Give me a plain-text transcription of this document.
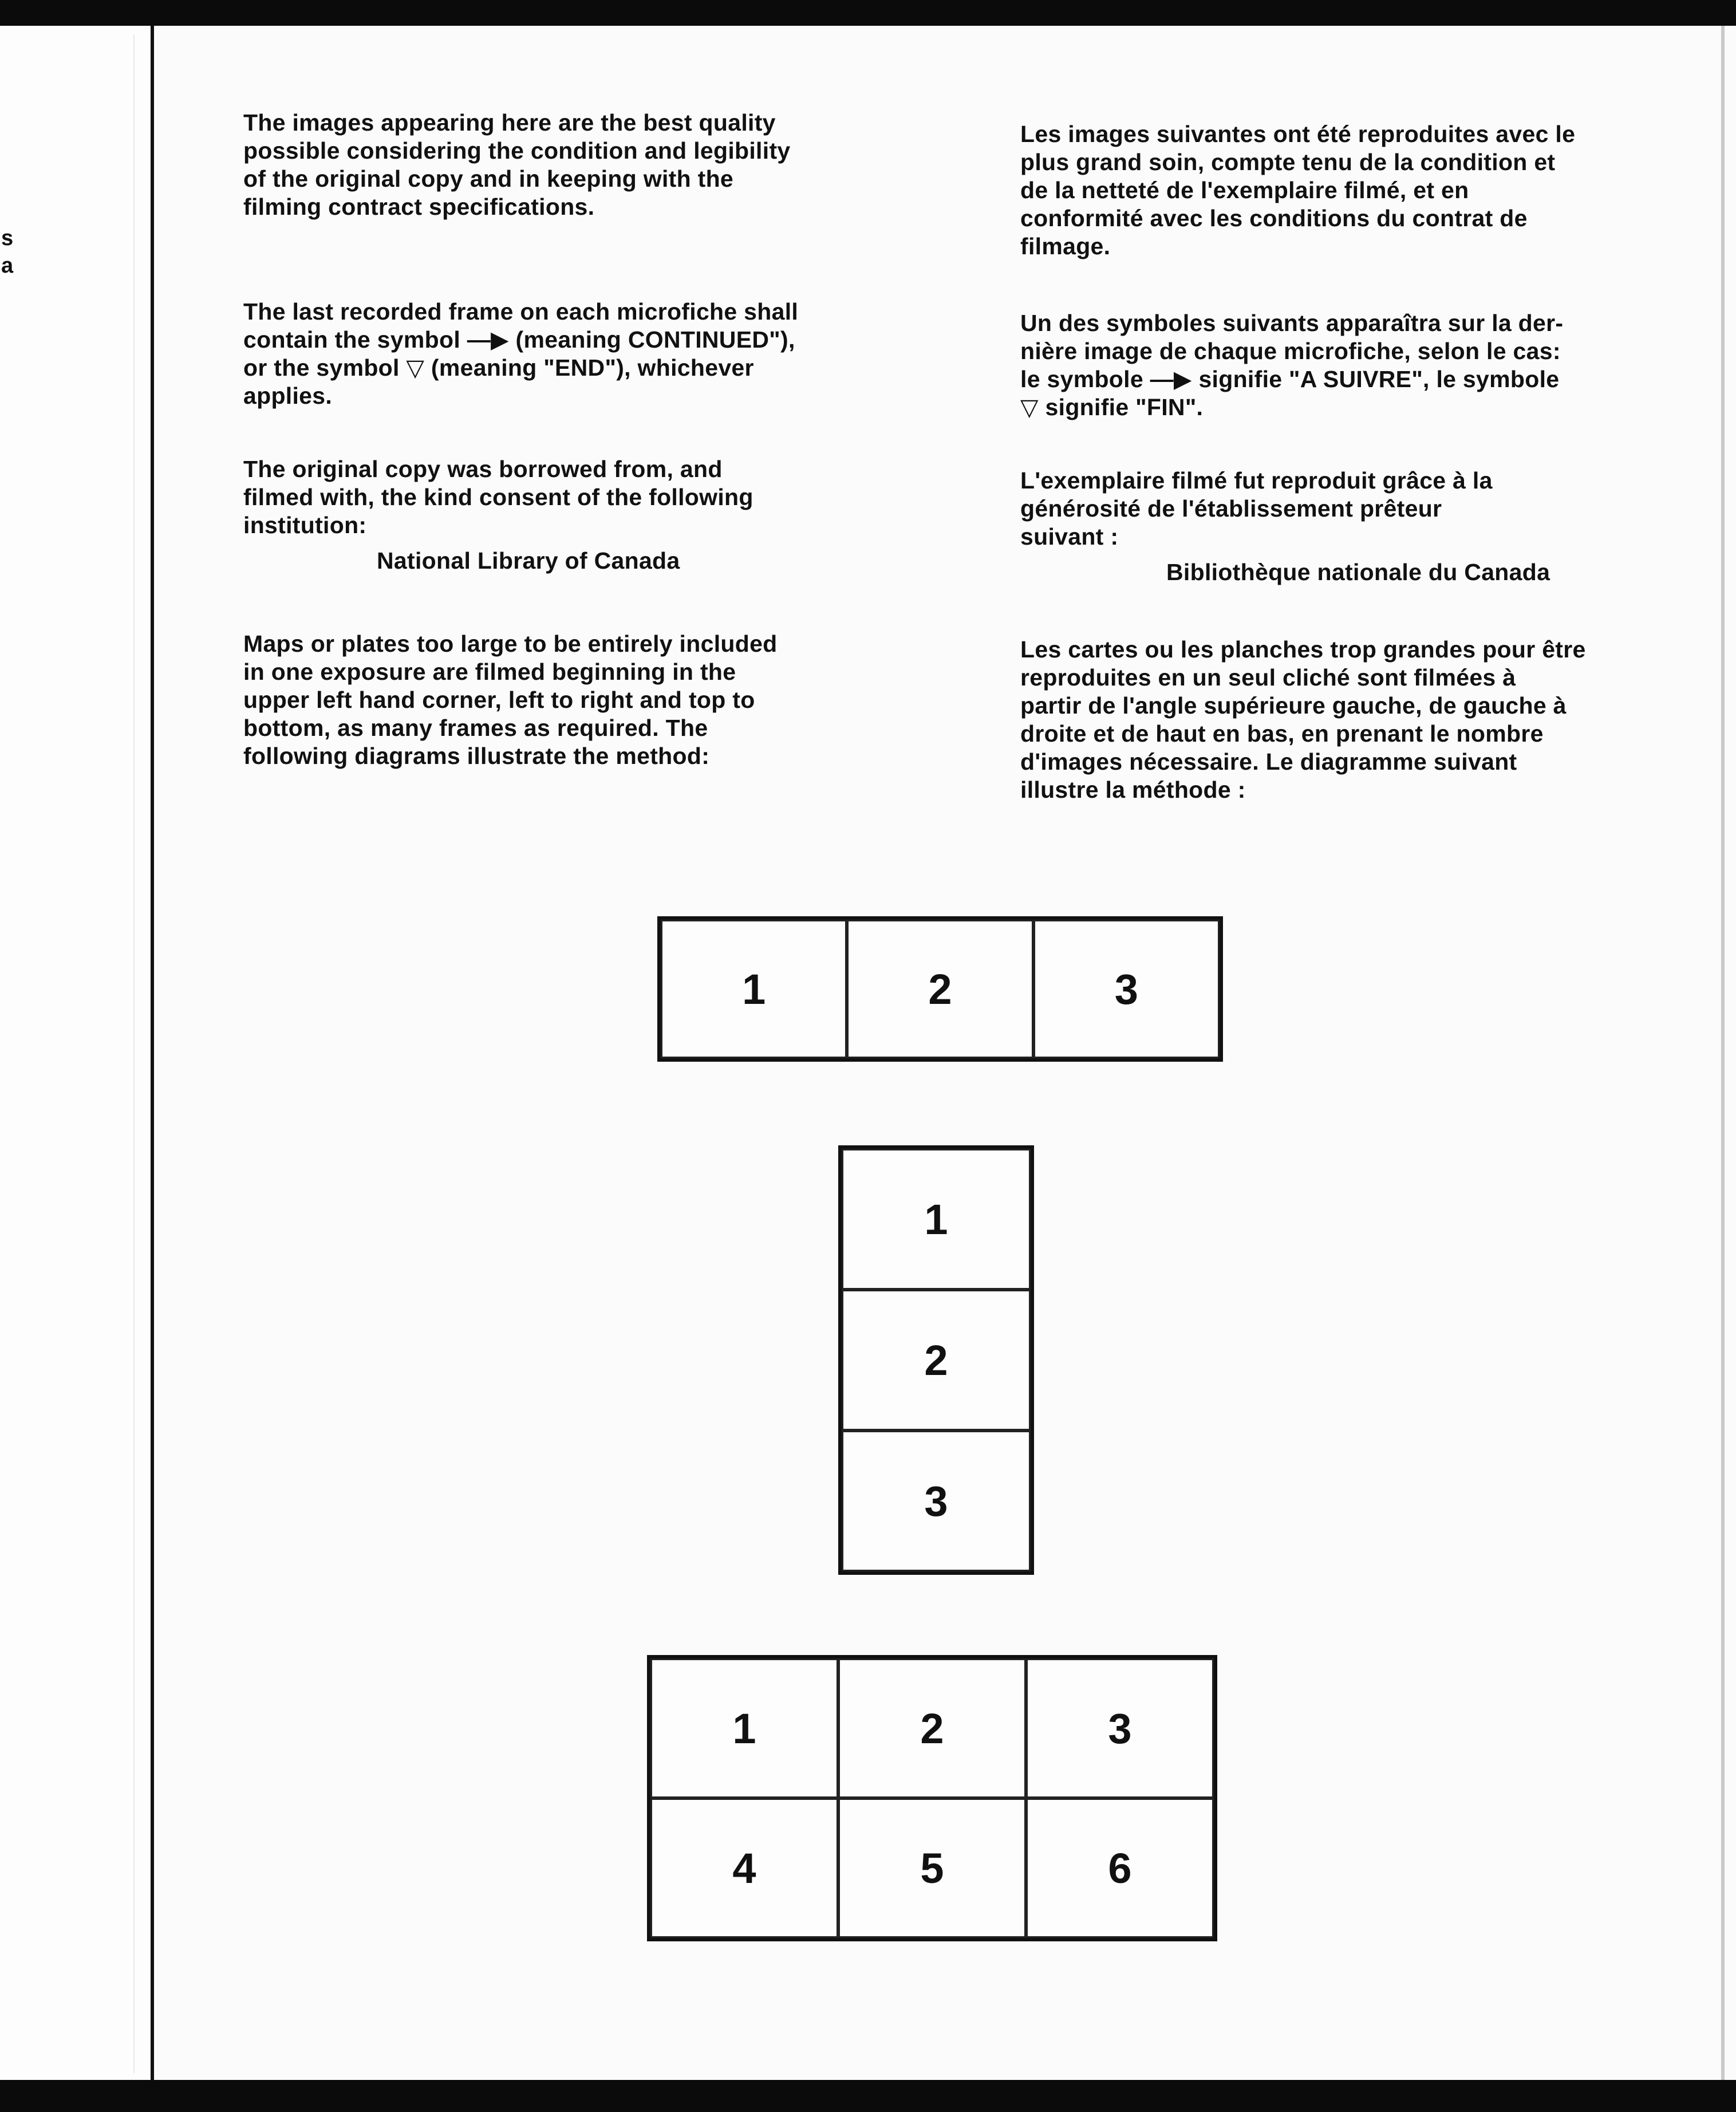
s
a

The images appearing here are the best quality
possible considering the condition and legibility
of the original copy and in keeping with the
filming contract specifications.

The last recorded frame on each microfiche shall
contain the symbol —▶ (meaning CONTINUED"),
or the symbol ▽ (meaning "END"), whichever
applies.

The original copy was borrowed from, and
filmed with, the kind consent of the following
institution:

National Library of Canada

Maps or plates too large to be entirely included
in one exposure are filmed beginning in the
upper left hand corner, left to right and top to
bottom, as many frames as required. The
following diagrams illustrate the method:

Les images suivantes ont été reproduites avec le
plus grand soin, compte tenu de la condition et
de la netteté de l'exemplaire filmé, et en
conformité avec les conditions du contrat de
filmage.

Un des symboles suivants apparaîtra sur la der-
nière image de chaque microfiche, selon le cas:
le symbole —▶ signifie "A SUIVRE", le symbole
▽ signifie "FIN".

L'exemplaire filmé fut reproduit grâce à la
générosité de l'établissement prêteur
suivant :

Bibliothèque nationale du Canada

Les cartes ou les planches trop grandes pour être
reproduites en un seul cliché sont filmées à
partir de l'angle supérieure gauche, de gauche à
droite et de haut en bas, en prenant le nombre
d'images nécessaire. Le diagramme suivant
illustre la méthode :

1	2	3
1
2
3
1	2	3
4	5	6
